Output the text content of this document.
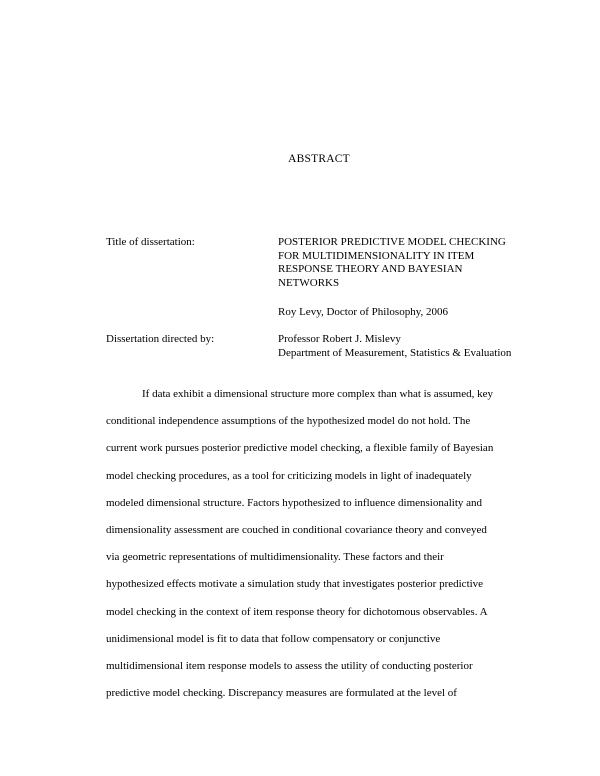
ABSTRACT
Title of dissertation:	POSTERIOR PREDICTIVE MODEL CHECKING
FOR MULTIDIMENSIONALITY IN ITEM
RESPONSE THEORY AND BAYESIAN
NETWORKS
Roy Levy, Doctor of Philosophy, 2006
Dissertation directed by:	Professor Robert J. Mislevy
Department of Measurement, Statistics & Evaluation
If data exhibit a dimensional structure more complex than what is assumed, key
conditional independence assumptions of the hypothesized model do not hold. The
current work pursues posterior predictive model checking, a flexible family of Bayesian
model checking procedures, as a tool for criticizing models in light of inadequately
modeled dimensional structure. Factors hypothesized to influence dimensionality and
dimensionality assessment are couched in conditional covariance theory and conveyed
via geometric representations of multidimensionality. These factors and their
hypothesized effects motivate a simulation study that investigates posterior predictive
model checking in the context of item response theory for dichotomous observables. A
unidimensional model is fit to data that follow compensatory or conjunctive
multidimensional item response models to assess the utility of conducting posterior
predictive model checking. Discrepancy measures are formulated at the level of
